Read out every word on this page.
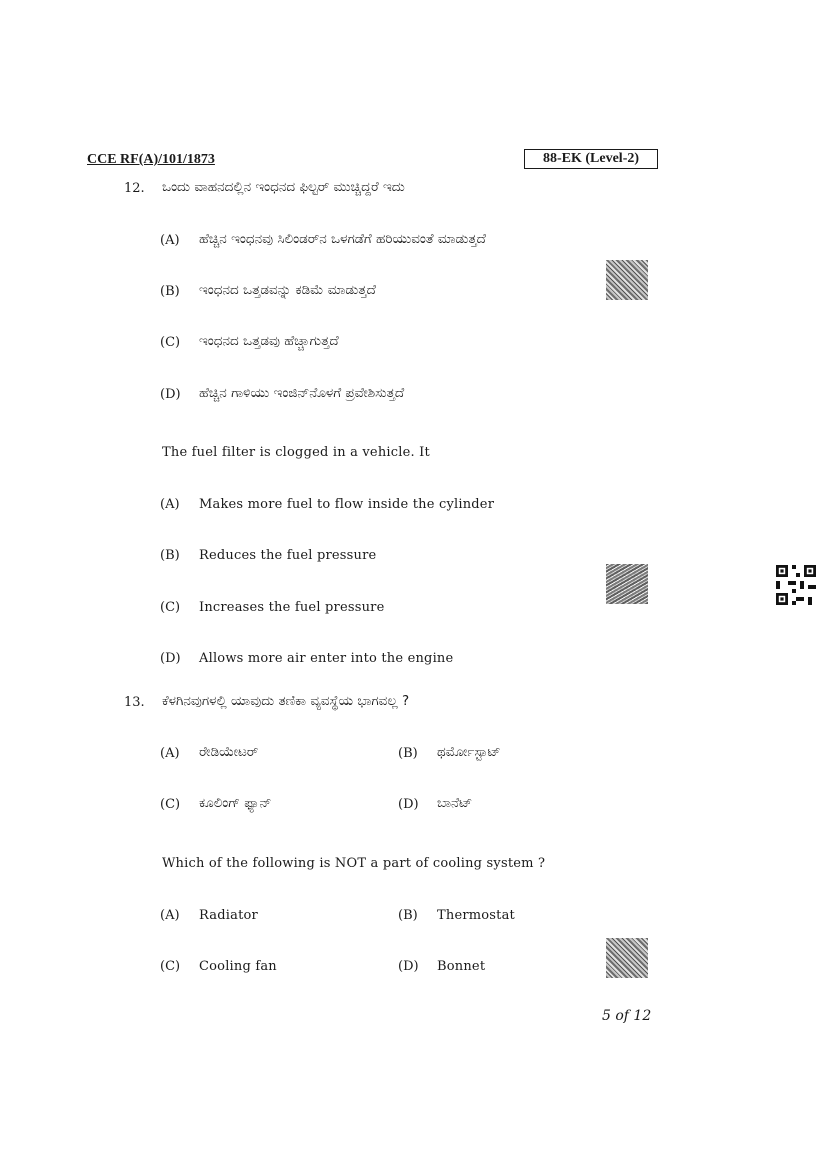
CCE RF(A)/101/1873	88-EK (Level-2)
12. ಒಂದು ವಾಹನದಲ್ಲಿನ ಇಂಧನದ ಫಿಲ್ಟರ್ ಮುಚ್ಚಿದ್ದರೆ ಇದು
(A) ಹೆಚ್ಚಿನ ಇಂಧನವು ಸಿಲಿಂಡರ್‌ನ ಒಳಗಡೆಗೆ ಹರಿಯುವಂತೆ ಮಾಡುತ್ತದೆ
(B) ಇಂಧನದ ಒತ್ತಡವನ್ನು ಕಡಿಮೆ ಮಾಡುತ್ತದೆ
(C) ಇಂಧನದ ಒತ್ತಡವು ಹೆಚ್ಚಾಗುತ್ತದೆ
(D) ಹೆಚ್ಚಿನ ಗಾಳಿಯು ಇಂಜಿನ್‌ನೊಳಗೆ ಪ್ರವೇಶಿಸುತ್ತದೆ
The fuel filter is clogged in a vehicle. It
(A) Makes more fuel to flow inside the cylinder
(B) Reduces the fuel pressure
(C) Increases the fuel pressure
(D) Allows more air enter into the engine
13. ಕೆಳಗಿನವುಗಳಲ್ಲಿ ಯಾವುದು ತಣಿಕಾ ವ್ಯವಸ್ಥೆಯ ಭಾಗವಲ್ಲ ?
(A) ರೇಡಿಯೇಟರ್	(B) ಥರ್ಮೋಸ್ಟಾಟ್
(C) ಕೂಲಿಂಗ್ ಫ್ಯಾನ್	(D) ಬಾನೆಟ್
Which of the following is NOT a part of cooling system ?
(A) Radiator	(B) Thermostat
(C) Cooling fan	(D) Bonnet
5 of 12
